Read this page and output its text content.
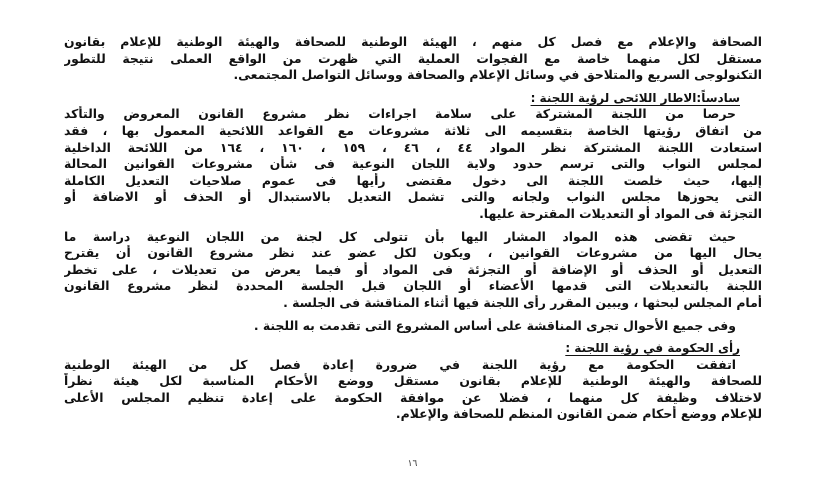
الصحافة والإعلام مع فصل كل منهم ، الهيئة الوطنية للصحافة والهيئة الوطنية للإعلام بقانون
مستقل لكل منهما خاصة مع الفجوات العملية التي ظهرت من الواقع العملى نتيجة للتطور
التكنولوجى السريع والمتلاحق في وسائل الإعلام والصحافة ووسائل التواصل المجتمعى.
سادساً:الاطار اللائحى لرؤية اللجنة :
حرصا من اللجنة المشتركة على سلامة اجراءات نظر مشروع القانون المعروض والتأكد
من اتفاق رؤيتها الخاصة بتقسيمه الى ثلاثة مشروعات مع القواعد اللائحية المعمول بها ، فقد
استعادت اللجنة المشتركة نظر المواد ٤٤ ، ٤٦ ، ١٥٩ ، ١٦٠ ، ١٦٤ من اللائحة الداخلية
لمجلس النواب والتى ترسم حدود ولاية اللجان النوعية فى شأن مشروعات القوانين المحالة
إليها، حيث خلصت اللجنة الى دخول مقتضى رأيها فى عموم صلاحيات التعديل الكاملة
التى يحوزها مجلس النواب ولجانه والتى تشمل التعديل بالاستبدال أو الحذف أو الاضافة أو
التجزئة فى المواد أو التعديلات المقترحة عليها.
حيث تقضى هذه المواد المشار اليها بأن تتولى كل لجنة من اللجان النوعية دراسة ما
يحال اليها من مشروعات القوانين ، ويكون لكل عضو عند نظر مشروع القانون أن يقترح
التعديل أو الحذف أو الإضافة أو التجزئة فى المواد أو فيما يعرض من تعديلات ، على تخطر
اللجنة بالتعديلات التى قدمها الأعضاء أو اللجان قبل الجلسة المحددة لنظر مشروع القانون
أمام المجلس لبحثها ، ويبين المقرر رأى اللجنة فيها أثناء المناقشة فى الجلسة .
وفى جميع الأحوال تجرى المناقشة على أساس المشروع التى تقدمت به اللجنة .
رأى الحكومة في رؤية اللجنة :
اتفقت الحكومة مع رؤية اللجنة في ضرورة إعادة فصل كل من الهيئة الوطنية
للصحافة والهيئة الوطنية للإعلام بقانون مستقل ووضع الأحكام المناسبة لكل هيئة نظراً
لاختلاف وظيفة كل منهما ، فضلا عن موافقة الحكومة على إعادة تنظيم المجلس الأعلى
للإعلام ووضع أحكام ضمن القانون المنظم للصحافة والإعلام.
١٦
